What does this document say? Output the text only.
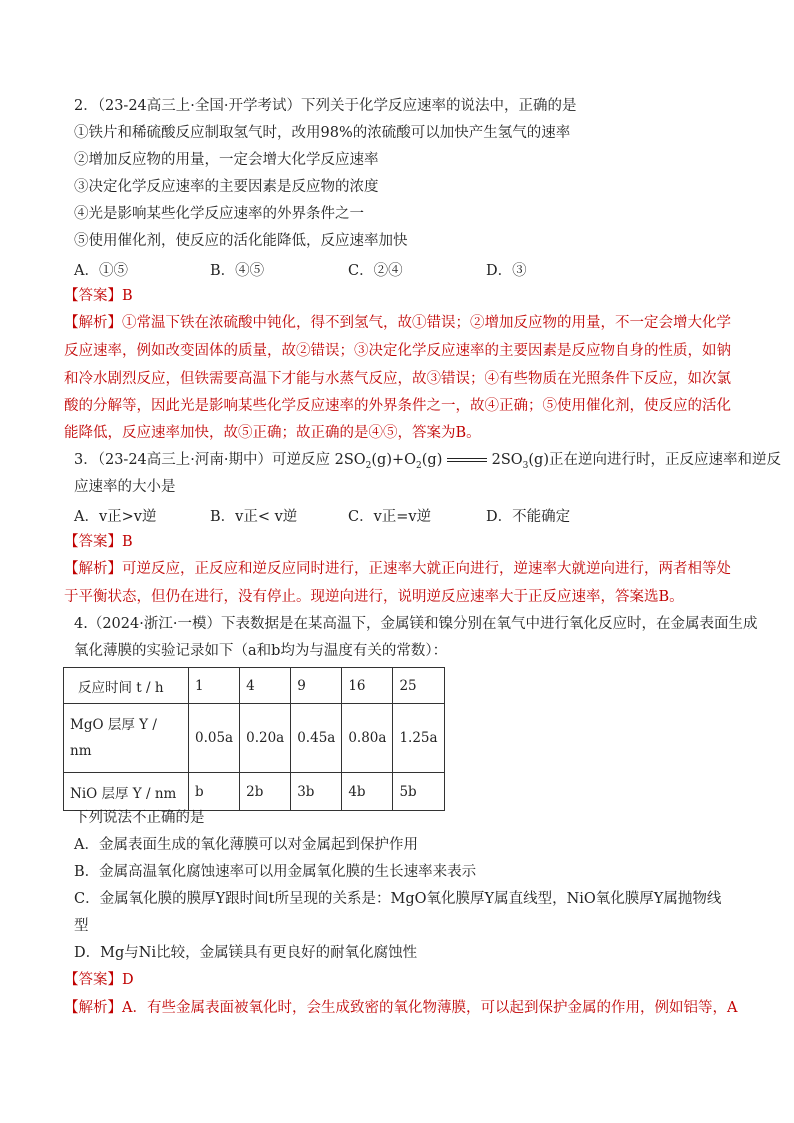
2．（23-24高三上·全国·开学考试）下列关于化学反应速率的说法中，正确的是
①铁片和稀硫酸反应制取氢气时，改用98%的浓硫酸可以加快产生氢气的速率
②增加反应物的用量，一定会增大化学反应速率
③决定化学反应速率的主要因素是反应物的浓度
④光是影响某些化学反应速率的外界条件之一
⑤使用催化剂，使反应的活化能降低，反应速率加快
A．①⑤	B．④⑤	C．②④	D．③
【答案】B
【解析】①常温下铁在浓硫酸中钝化，得不到氢气，故①错误；②增加反应物的用量，不一定会增大化学
反应速率，例如改变固体的质量，故②错误；③决定化学反应速率的主要因素是反应物自身的性质，如钠
和冷水剧烈反应，但铁需要高温下才能与水蒸气反应，故③错误；④有些物质在光照条件下反应，如次氯
酸的分解等，因此光是影响某些化学反应速率的外界条件之一，故④正确；⑤使用催化剂，使反应的活化
能降低，反应速率加快，故⑤正确；故正确的是④⑤，答案为B。
3．（23-24高三上·河南·期中）可逆反应 $2SO_2(g)+O_2(g)$	$2SO_3(g)$正在逆向进行时，正反应速率和逆反
应速率的大小是
A．v正>v逆	B．v正< v逆	C．v正=v逆	D．不能确定
【答案】B
【解析】可逆反应，正反应和逆反应同时进行，正速率大就正向进行，逆速率大就逆向进行，两者相等处
于平衡状态，但仍在进行，没有停止。现逆向进行，说明逆反应速率大于正反应速率，答案选B。
4.（2024·浙江·一模）下表数据是在某高温下，金属镁和镍分别在氧气中进行氧化反应时，在金属表面生成
氧化薄膜的实验记录如下（a和b均为与温度有关的常数）：
反应时间 t / h	1	4	9	16	25
MgO 层厚 Y / nm	0.05a	0.20a	0.45a	0.80a	1.25a
NiO 层厚 Y / nm	b	2b	3b	4b	5b
下列说法不正确的是
A．金属表面生成的氧化薄膜可以对金属起到保护作用
B．金属高温氧化腐蚀速率可以用金属氧化膜的生长速率来表示
C．金属氧化膜的膜厚Y跟时间t所呈现的关系是：MgO氧化膜厚Y属直线型，NiO氧化膜厚Y属抛物线
型
D．Mg与Ni比较，金属镁具有更良好的耐氧化腐蚀性
【答案】D
【解析】A．有些金属表面被氧化时，会生成致密的氧化物薄膜，可以起到保护金属的作用，例如铝等，A
